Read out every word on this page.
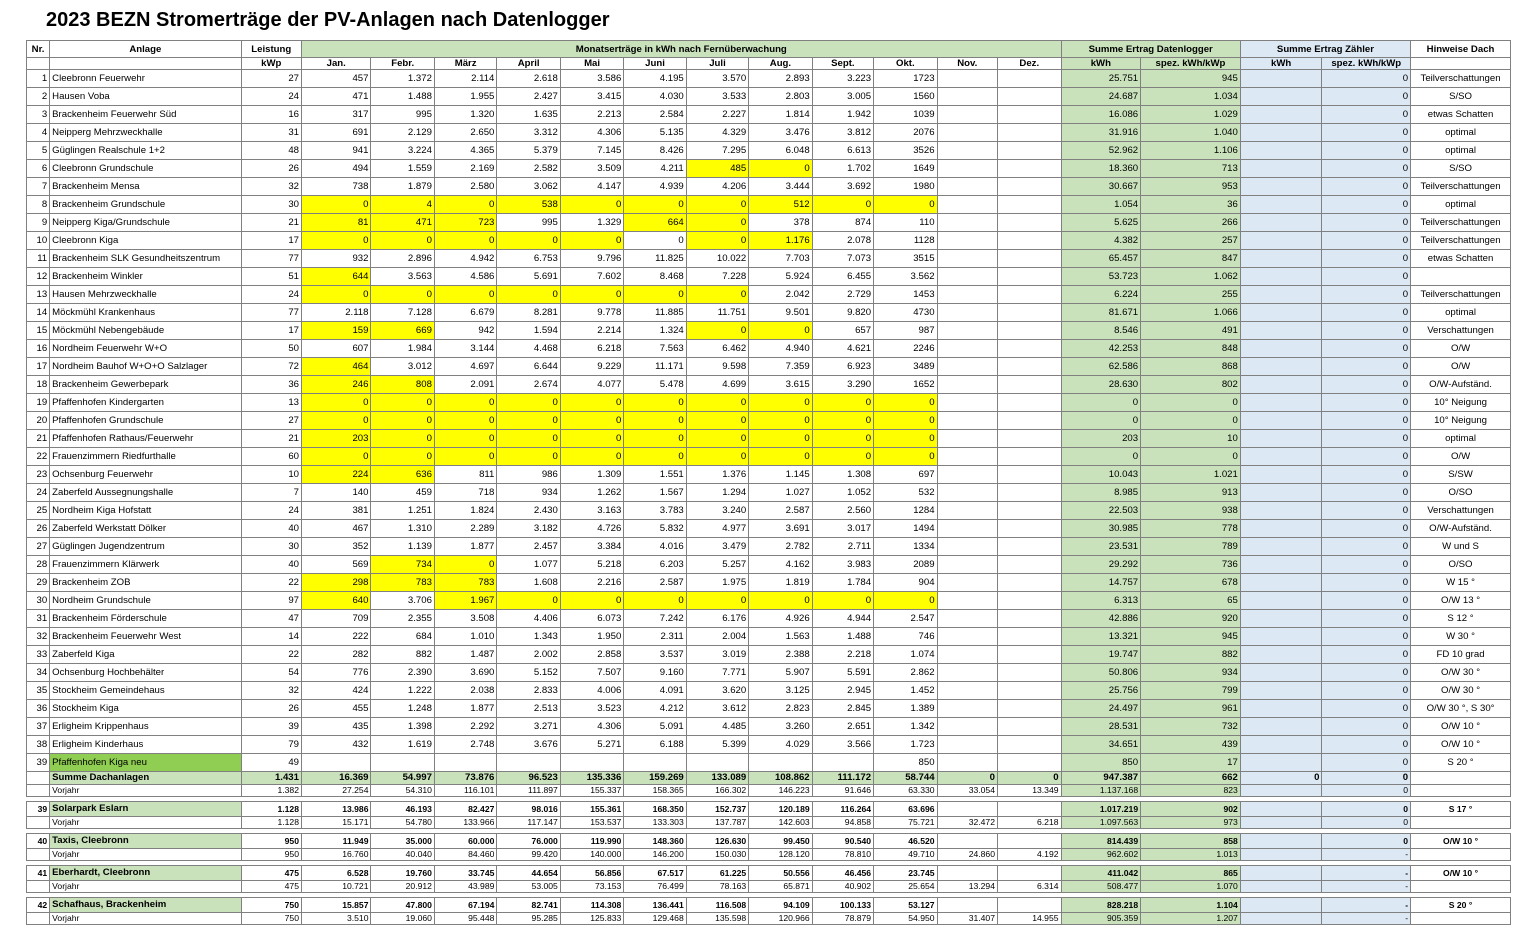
2023 BEZN Stromerträge der PV-Anlagen nach Datenlogger
Nr.	Anlage	Leistung	Monatserträge in kWh nach Fernüberwachung												Summe Ertrag Datenlogger		Summe Ertrag Zähler		Hinweise Dach
		kWp	Jan.	Febr.	März	April	Mai	Juni	Juli	Aug.	Sept.	Okt.	Nov.	Dez.	kWh	spez. kWh/kWp	kWh	spez. kWh/kWp	
1	Cleebronn Feuerwehr	27	457	1.372	2.114	2.618	3.586	4.195	3.570	2.893	3.223	1723			25.751	945		0	Teilverschattungen
2	Hausen Voba	24	471	1.488	1.955	2.427	3.415	4.030	3.533	2.803	3.005	1560			24.687	1.034		0	S/SO
3	Brackenheim Feuerwehr Süd	16	317	995	1.320	1.635	2.213	2.584	2.227	1.814	1.942	1039			16.086	1.029		0	etwas Schatten
4	Neipperg Mehrzweckhalle	31	691	2.129	2.650	3.312	4.306	5.135	4.329	3.476	3.812	2076			31.916	1.040		0	optimal
5	Güglingen Realschule 1+2	48	941	3.224	4.365	5.379	7.145	8.426	7.295	6.048	6.613	3526			52.962	1.106		0	optimal
6	Cleebronn Grundschule	26	494	1.559	2.169	2.582	3.509	4.211	485	0	1.702	1649			18.360	713		0	S/SO
7	Brackenheim Mensa	32	738	1.879	2.580	3.062	4.147	4.939	4.206	3.444	3.692	1980			30.667	953		0	Teilverschattungen
8	Brackenheim Grundschule	30	0	4	0	538	0	0	0	512	0	0			1.054	36		0	optimal
9	Neipperg Kiga/Grundschule	21	81	471	723	995	1.329	664	0	378	874	110			5.625	266		0	Teilverschattungen
10	Cleebronn Kiga	17	0	0	0	0	0	0	0	1.176	2.078	1128			4.382	257		0	Teilverschattungen
11	Brackenheim SLK Gesundheitszentrum	77	932	2.896	4.942	6.753	9.796	11.825	10.022	7.703	7.073	3515			65.457	847		0	etwas Schatten
12	Brackenheim Winkler	51	644	3.563	4.586	5.691	7.602	8.468	7.228	5.924	6.455	3.562			53.723	1.062		0	
13	Hausen Mehrzweckhalle	24	0	0	0	0	0	0	0	2.042	2.729	1453			6.224	255		0	Teilverschattungen
14	Möckmühl Krankenhaus	77	2.118	7.128	6.679	8.281	9.778	11.885	11.751	9.501	9.820	4730			81.671	1.066		0	optimal
15	Möckmühl Nebengebäude	17	159	669	942	1.594	2.214	1.324	0	0	657	987			8.546	491		0	Verschattungen
16	Nordheim Feuerwehr W+O	50	607	1.984	3.144	4.468	6.218	7.563	6.462	4.940	4.621	2246			42.253	848		0	O/W
17	Nordheim Bauhof W+O+O Salzlager	72	464	3.012	4.697	6.644	9.229	11.171	9.598	7.359	6.923	3489			62.586	868		0	O/W
18	Brackenheim Gewerbepark	36	246	808	2.091	2.674	4.077	5.478	4.699	3.615	3.290	1652			28.630	802		0	O/W-Aufständ.
19	Pfaffenhofen Kindergarten	13	0	0	0	0	0	0	0	0	0	0			0	0		0	10° Neigung
20	Pfaffenhofen Grundschule	27	0	0	0	0	0	0	0	0	0	0			0	0		0	10° Neigung
21	Pfaffenhofen Rathaus/Feuerwehr	21	203	0	0	0	0	0	0	0	0	0			203	10		0	optimal
22	Frauenzimmern Riedfurthalle	60	0	0	0	0	0	0	0	0	0	0			0	0		0	O/W
23	Ochsenburg Feuerwehr	10	224	636	811	986	1.309	1.551	1.376	1.145	1.308	697			10.043	1.021		0	S/SW
24	Zaberfeld Aussegnungshalle	7	140	459	718	934	1.262	1.567	1.294	1.027	1.052	532			8.985	913		0	O/SO
25	Nordheim Kiga Hofstatt	24	381	1.251	1.824	2.430	3.163	3.783	3.240	2.587	2.560	1284			22.503	938		0	Verschattungen
26	Zaberfeld Werkstatt Dölker	40	467	1.310	2.289	3.182	4.726	5.832	4.977	3.691	3.017	1494			30.985	778		0	O/W-Aufständ.
27	Güglingen Jugendzentrum	30	352	1.139	1.877	2.457	3.384	4.016	3.479	2.782	2.711	1334			23.531	789		0	W und S
28	Frauenzimmern Klärwerk	40	569	734	0	1.077	5.218	6.203	5.257	4.162	3.983	2089			29.292	736		0	O/SO
29	Brackenheim ZOB	22	298	783	783	1.608	2.216	2.587	1.975	1.819	1.784	904			14.757	678		0	W 15 °
30	Nordheim Grundschule	97	640	3.706	1.967	0	0	0	0	0	0	0			6.313	65		0	O/W 13 °
31	Brackenheim Förderschule	47	709	2.355	3.508	4.406	6.073	7.242	6.176	4.926	4.944	2.547			42.886	920		0	S 12 °
32	Brackenheim Feuerwehr West	14	222	684	1.010	1.343	1.950	2.311	2.004	1.563	1.488	746			13.321	945		0	W 30 °
33	Zaberfeld Kiga	22	282	882	1.487	2.002	2.858	3.537	3.019	2.388	2.218	1.074			19.747	882		0	FD 10 grad
34	Ochsenburg Hochbehälter	54	776	2.390	3.690	5.152	7.507	9.160	7.771	5.907	5.591	2.862			50.806	934		0	O/W 30 °
35	Stockheim Gemeindehaus	32	424	1.222	2.038	2.833	4.006	4.091	3.620	3.125	2.945	1.452			25.756	799		0	O/W 30 °
36	Stockheim Kiga	26	455	1.248	1.877	2.513	3.523	4.212	3.612	2.823	2.845	1.389			24.497	961		0	O/W 30 °, S 30°
37	Erligheim Krippenhaus	39	435	1.398	2.292	3.271	4.306	5.091	4.485	3.260	2.651	1.342			28.531	732		0	O/W 10 °
38	Erligheim Kinderhaus	79	432	1.619	2.748	3.676	5.271	6.188	5.399	4.029	3.566	1.723			34.651	439		0	O/W 10 °
39	Pfaffenhofen Kiga neu	49										850			850	17		0	S 20 °
	Summe Dachanlagen	1.431	16.369	54.997	73.876	96.523	135.336	159.269	133.089	108.862	111.172	58.744	0	0	947.387	662	0	0	
	Vorjahr	1.382	27.254	54.310	116.101	111.897	155.337	158.365	166.302	146.223	91.646	63.330	33.054	13.349	1.137.168	823		0	

39	Solarpark Eslarn	1.128	13.986	46.193	82.427	98.016	155.361	168.350	152.737	120.189	116.264	63.696			1.017.219	902		0	S 17 °
	Vorjahr	1.128	15.171	54.780	133.966	117.147	153.537	133.303	137.787	142.603	94.858	75.721	32.472	6.218	1.097.563	973		0	

40	Taxis, Cleebronn	950	11.949	35.000	60.000	76.000	119.990	148.360	126.630	99.450	90.540	46.520			814.439	858		0	O/W 10 °
	Vorjahr	950	16.760	40.040	84.460	99.420	140.000	146.200	150.030	128.120	78.810	49.710	24.860	4.192	962.602	1.013		-	

41	Eberhardt, Cleebronn	475	6.528	19.760	33.745	44.654	56.856	67.517	61.225	50.556	46.456	23.745			411.042	865		-	O/W 10 °
	Vorjahr	475	10.721	20.912	43.989	53.005	73.153	76.499	78.163	65.871	40.902	25.654	13.294	6.314	508.477	1.070		-	

42	Schafhaus, Brackenheim	750	15.857	47.800	67.194	82.741	114.308	136.441	116.508	94.109	100.133	53.127			828.218	1.104		-	S 20 °
	Vorjahr	750	3.510	19.060	95.448	95.285	125.833	129.468	135.598	120.966	78.879	54.950	31.407	14.955	905.359	1.207		-	
